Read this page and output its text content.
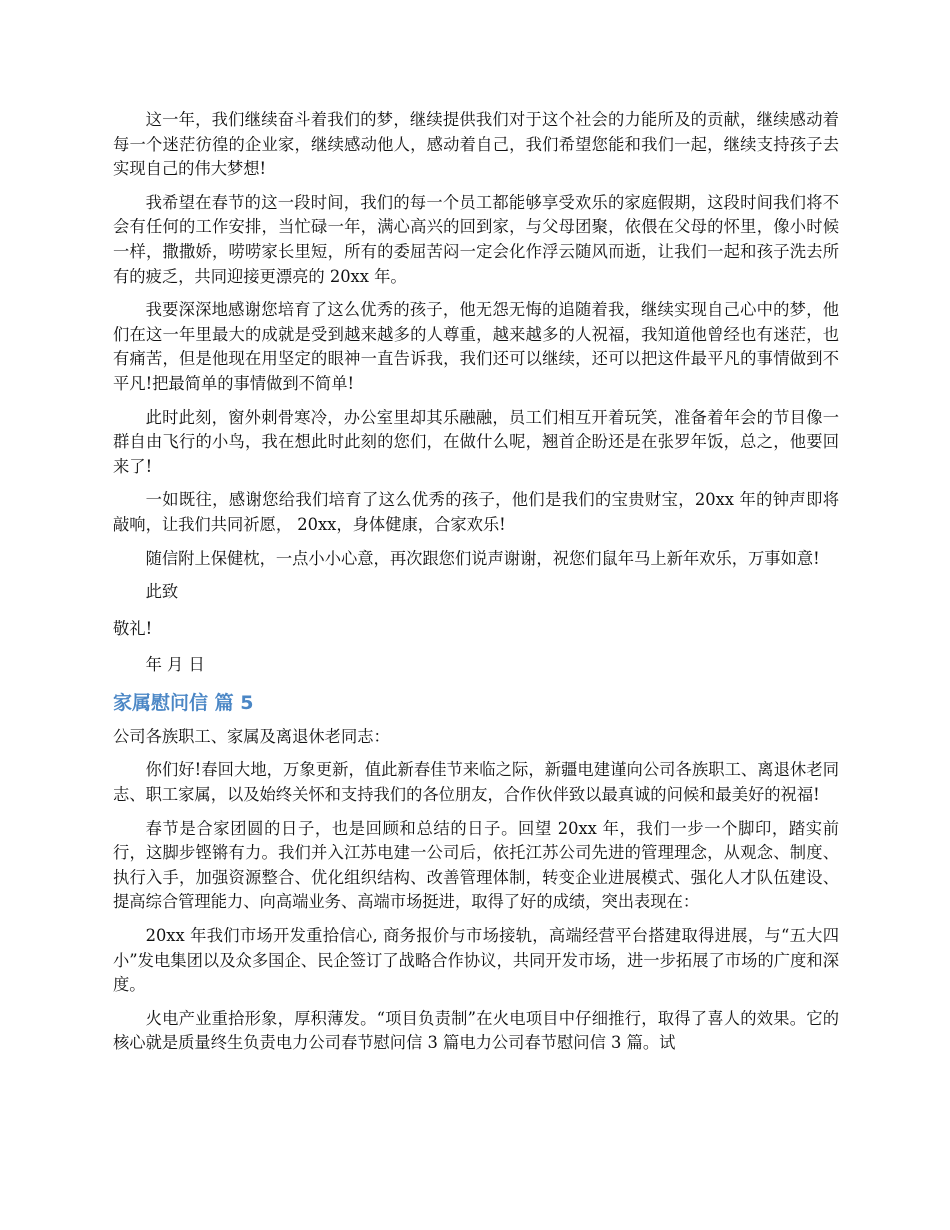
这一年，我们继续奋斗着我们的梦，继续提供我们对于这个社会的力能所及的贡献，继续感动着每一个迷茫彷徨的企业家，继续感动他人，感动着自己，我们希望您能和我们一起，继续支持孩子去实现自己的伟大梦想!

我希望在春节的这一段时间，我们的每一个员工都能够享受欢乐的家庭假期，这段时间我们将不会有任何的工作安排，当忙碌一年，满心高兴的回到家，与父母团聚，依偎在父母的怀里，像小时候一样，撒撒娇，唠唠家长里短，所有的委屈苦闷一定会化作浮云随风而逝，让我们一起和孩子洗去所有的疲乏，共同迎接更漂亮的 20xx 年。

我要深深地感谢您培育了这么优秀的孩子，他无怨无悔的追随着我，继续实现自己心中的梦，他们在这一年里最大的成就是受到越来越多的人尊重，越来越多的人祝福，我知道他曾经也有迷茫，也有痛苦，但是他现在用坚定的眼神一直告诉我，我们还可以继续，还可以把这件最平凡的事情做到不平凡!把最简单的事情做到不简单!

此时此刻，窗外刺骨寒冷，办公室里却其乐融融，员工们相互开着玩笑，准备着年会的节目像一群自由飞行的小鸟，我在想此时此刻的您们，在做什么呢，翘首企盼还是在张罗年饭，总之，他要回来了!

一如既往，感谢您给我们培育了这么优秀的孩子，他们是我们的宝贵财宝，20xx 年的钟声即将敲响，让我们共同祈愿， 20xx，身体健康，合家欢乐!

随信附上保健枕，一点小小心意，再次跟您们说声谢谢，祝您们鼠年马上新年欢乐，万事如意!

此致

敬礼!

年 月 日

家属慰问信 篇 5

公司各族职工、家属及离退休老同志：

你们好!春回大地，万象更新，值此新春佳节来临之际，新疆电建谨向公司各族职工、离退休老同志、职工家属，以及始终关怀和支持我们的各位朋友，合作伙伴致以最真诚的问候和最美好的祝福!

春节是合家团圆的日子，也是回顾和总结的日子。回望 20xx 年，我们一步一个脚印，踏实前行，这脚步铿锵有力。我们并入江苏电建一公司后，依托江苏公司先进的管理理念，从观念、制度、执行入手，加强资源整合、优化组织结构、改善管理体制，转变企业进展模式、强化人才队伍建设、提高综合管理能力、向高端业务、高端市场挺进，取得了好的成绩，突出表现在：

20xx 年我们市场开发重拾信心, 商务报价与市场接轨，高端经营平台搭建取得进展，与“五大四小”发电集团以及众多国企、民企签订了战略合作协议，共同开发市场，进一步拓展了市场的广度和深度。

火电产业重拾形象，厚积薄发。“项目负责制”在火电项目中仔细推行，取得了喜人的效果。它的核心就是质量终生负责电力公司春节慰问信 3 篇电力公司春节慰问信 3 篇。试
